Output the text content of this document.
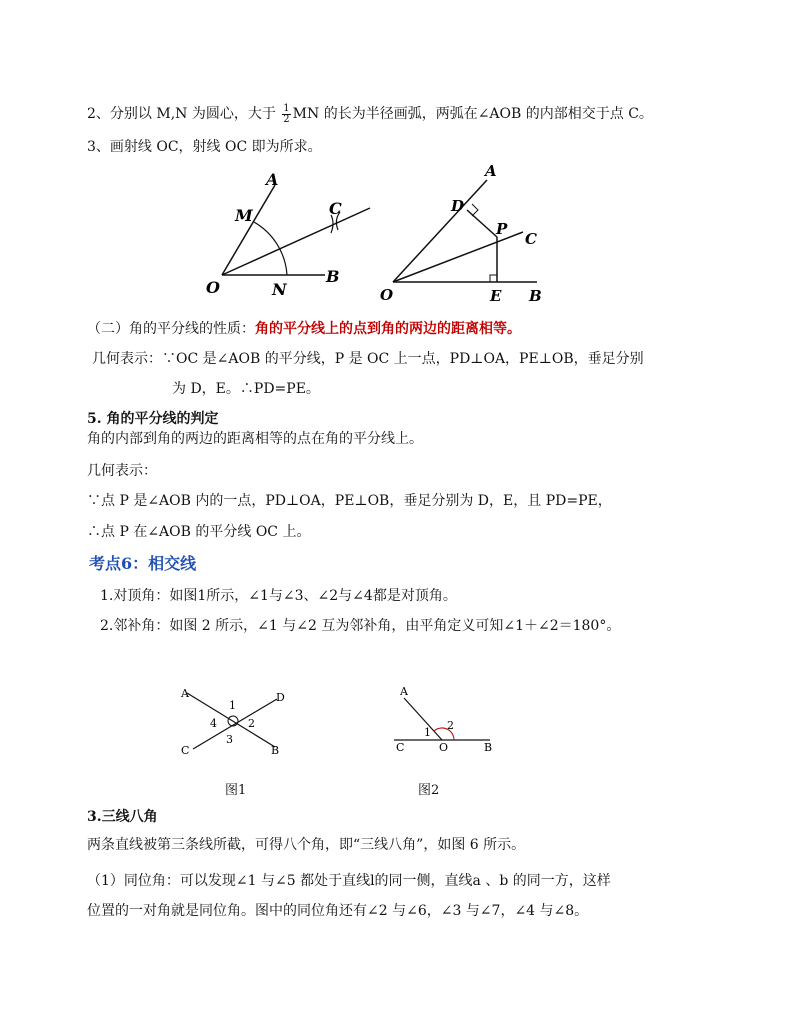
2、分别以 M,N 为圆心，大于 $\frac{1}{2}$ MN 的长为半径画弧，两弧在∠AOB 的内部相交于点 C。
3、画射线 OC，射线 OC 即为所求。
A
M	C
O	N
B
A
D
P
C
O	E B
（二）角的平分线的性质：角的平分线上的点到角的两边的距离相等。
几何表示：∵OC 是∠AOB 的平分线，P 是 OC 上一点，PD⊥OA，PE⊥OB，垂足分别
为 D，E。∴PD=PE。
5. 角的平分线的判定
角的内部到角的两边的距离相等的点在角的平分线上。
几何表示：
∵点 P 是∠AOB 内的一点，PD⊥OA，PE⊥OB，垂足分别为 D，E，且 PD=PE，
∴点 P 在∠AOB 的平分线 OC 上。
考点6：相交线
1.对顶角：如图1所示，∠1与∠3、∠2与∠4都是对顶角。
2.邻补角：如图 2 所示，∠1 与∠2 互为邻补角，由平角定义可知∠1＋∠2＝180°。
A	D
C	B
1
2
3
4
图1
A
C	O	B
1
2
图2
3.三线八角
两条直线被第三条线所截，可得八个角，即“三线八角”，如图 6 所示。
（1）同位角：可以发现∠1 与∠5 都处于直线l的同一侧，直线a 、b 的同一方，这样
位置的一对角就是同位角。图中的同位角还有∠2 与∠6，∠3 与∠7，∠4 与∠8。
